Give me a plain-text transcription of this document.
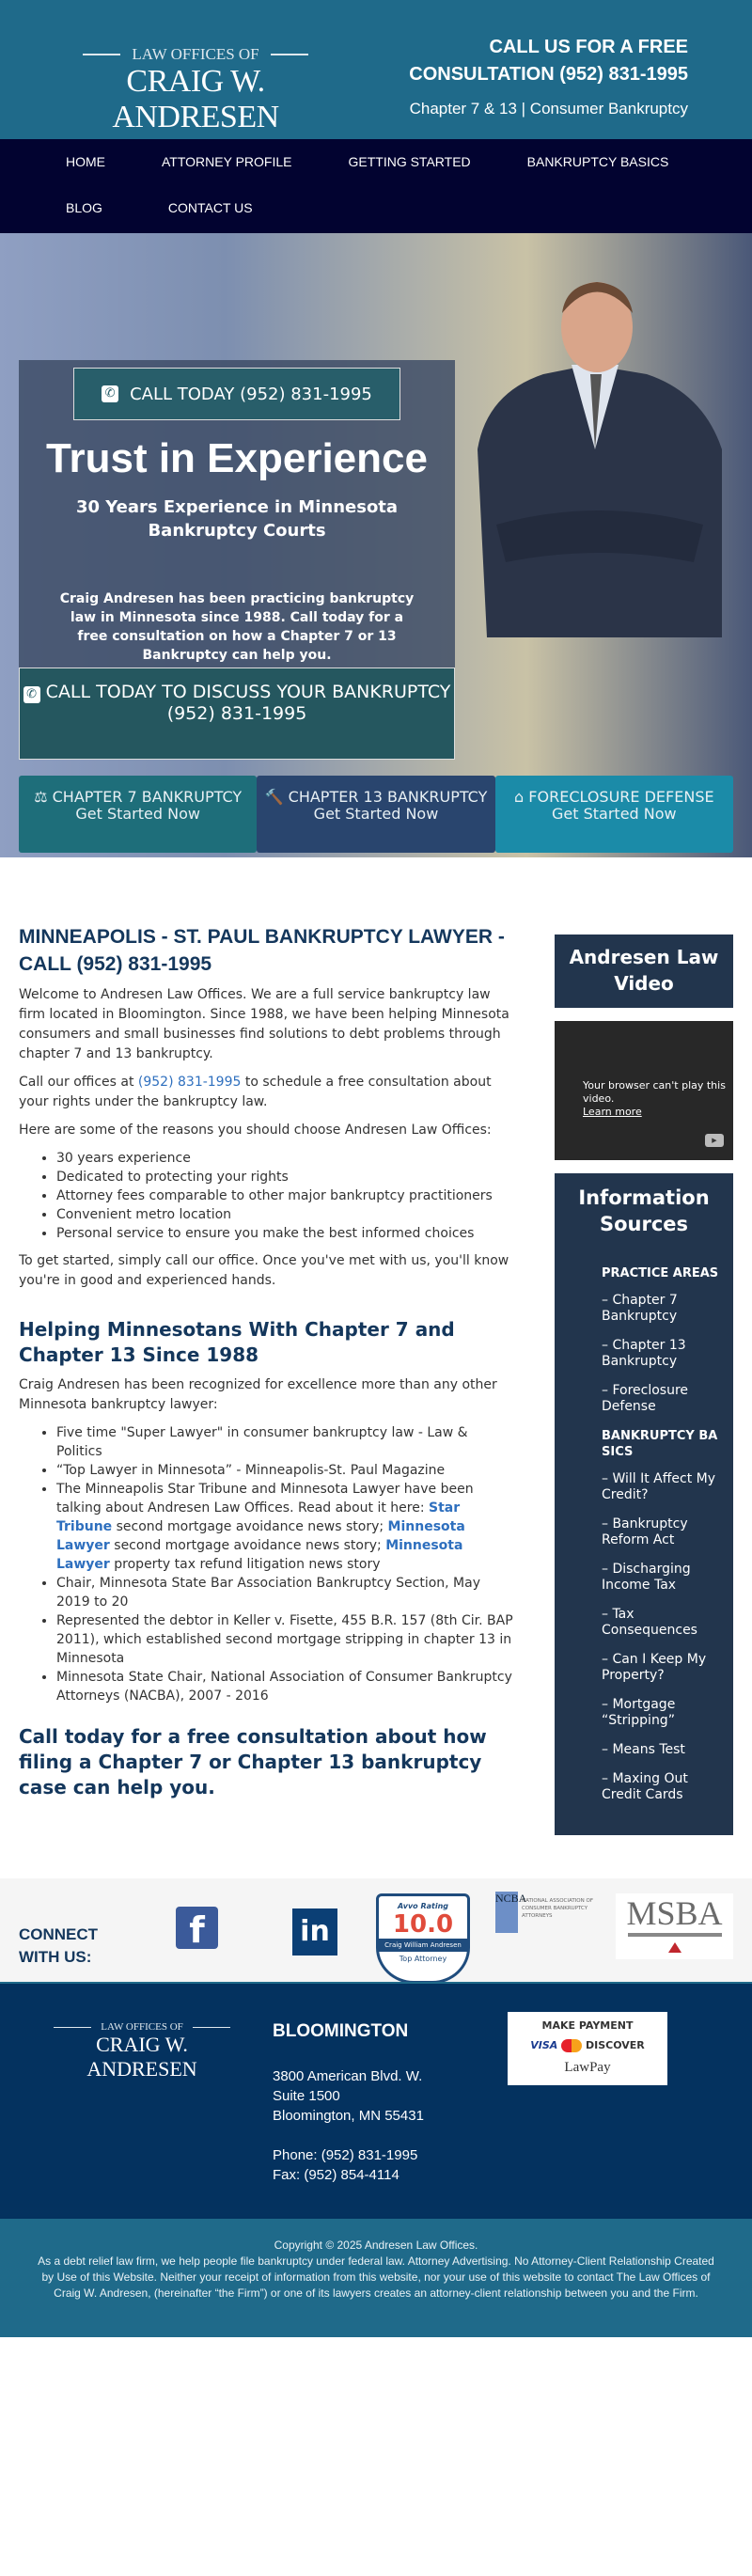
LAW OFFICES OF
CRAIG W. ANDRESEN
CALL US FOR A FREE
CONSULTATION (952) 831-1995
Chapter 7 & 13 | Consumer Bankruptcy
HOME	ATTORNEY PROFILE	GETTING STARTED	BANKRUPTCY BASICS
BLOG	CONTACT US
✆ CALL TODAY (952) 831-1995
Trust in Experience
30 Years Experience in Minnesota Bankruptcy Courts

Craig Andresen has been practicing bankruptcy law in Minnesota since 1988. Call today for a free consultation on how a Chapter 7 or 13 Bankruptcy can help you.

✆ CALL TODAY TO DISCUSS YOUR BANKRUPTCY
(952) 831-1995
⚖ CHAPTER 7 BANKRUPTCY
Get Started Now
🔨 CHAPTER 13 BANKRUPTCY
Get Started Now
⌂ FORECLOSURE DEFENSE
Get Started Now
MINNEAPOLIS - ST. PAUL BANKRUPTCY LAWYER - CALL (952) 831-1995

Welcome to Andresen Law Offices. We are a full service bankruptcy law firm located in Bloomington. Since 1988, we have been helping Minnesota consumers and small businesses find solutions to debt problems through chapter 7 and 13 bankruptcy.

Call our offices at (952) 831-1995 to schedule a free consultation about your rights under the bankruptcy law.

Here are some of the reasons you should choose Andresen Law Offices:

• 30 years experience
• Dedicated to protecting your rights
• Attorney fees comparable to other major bankruptcy practitioners
• Convenient metro location
• Personal service to ensure you make the best informed choices

To get started, simply call our office. Once you've met with us, you'll know you're in good and experienced hands.

Helping Minnesotans With Chapter 7 and Chapter 13 Since 1988

Craig Andresen has been recognized for excellence more than any other Minnesota bankruptcy lawyer:

• Five time "Super Lawyer" in consumer bankruptcy law - Law & Politics
• “Top Lawyer in Minnesota” - Minneapolis-St. Paul Magazine
• The Minneapolis Star Tribune and Minnesota Lawyer have been talking about Andresen Law Offices. Read about it here: Star Tribune second mortgage avoidance news story; Minnesota Lawyer second mortgage avoidance news story; Minnesota Lawyer property tax refund litigation news story
• Chair, Minnesota State Bar Association Bankruptcy Section, May 2019 to 20
• Represented the debtor in Keller v. Fisette, 455 B.R. 157 (8th Cir. BAP 2011), which established second mortgage stripping in chapter 13 in Minnesota
• Minnesota State Chair, National Association of Consumer Bankruptcy Attorneys (NACBA), 2007 - 2016
Call today for a free consultation about how filing a Chapter 7 or Chapter 13 bankruptcy case can help you.
Andresen Law Video
Your browser can't play this video.
Learn more
▶
Information Sources
PRACTICE AREAS
– Chapter 7 Bankruptcy
– Chapter 13 Bankruptcy
– Foreclosure Defense
BANKRUPTCY BASICS
– Will It Affect My Credit?
– Bankruptcy Reform Act
– Discharging Income Tax
– Tax Consequences
– Can I Keep My Property?
– Mortgage “Stripping”
– Means Test
– Maxing Out Credit Cards
CONNECT WITH US:
f	in
Avvo Rating
10.0
Craig William Andresen
Top Attorney
NCBA
NATIONAL ASSOCIATION OF CONSUMER BANKRUPTCY ATTORNEYS	MSBA
LAW OFFICES OF
CRAIG W. ANDRESEN
BLOOMINGTON
3800 American Blvd. W.
Suite 1500
Bloomington, MN 55431
Phone: (952) 831-1995
Fax: (952) 854-4114
MAKE PAYMENT
VISA	DISCOVER
LawPay
Copyright © 2025 Andresen Law Offices.
As a debt relief law firm, we help people file bankruptcy under federal law. Attorney Advertising. No Attorney-Client Relationship Created by Use of this Website. Neither your receipt of information from this website, nor your use of this website to contact The Law Offices of Craig W. Andresen, (hereinafter “the Firm”) or one of its lawyers creates an attorney-client relationship between you and the Firm.
